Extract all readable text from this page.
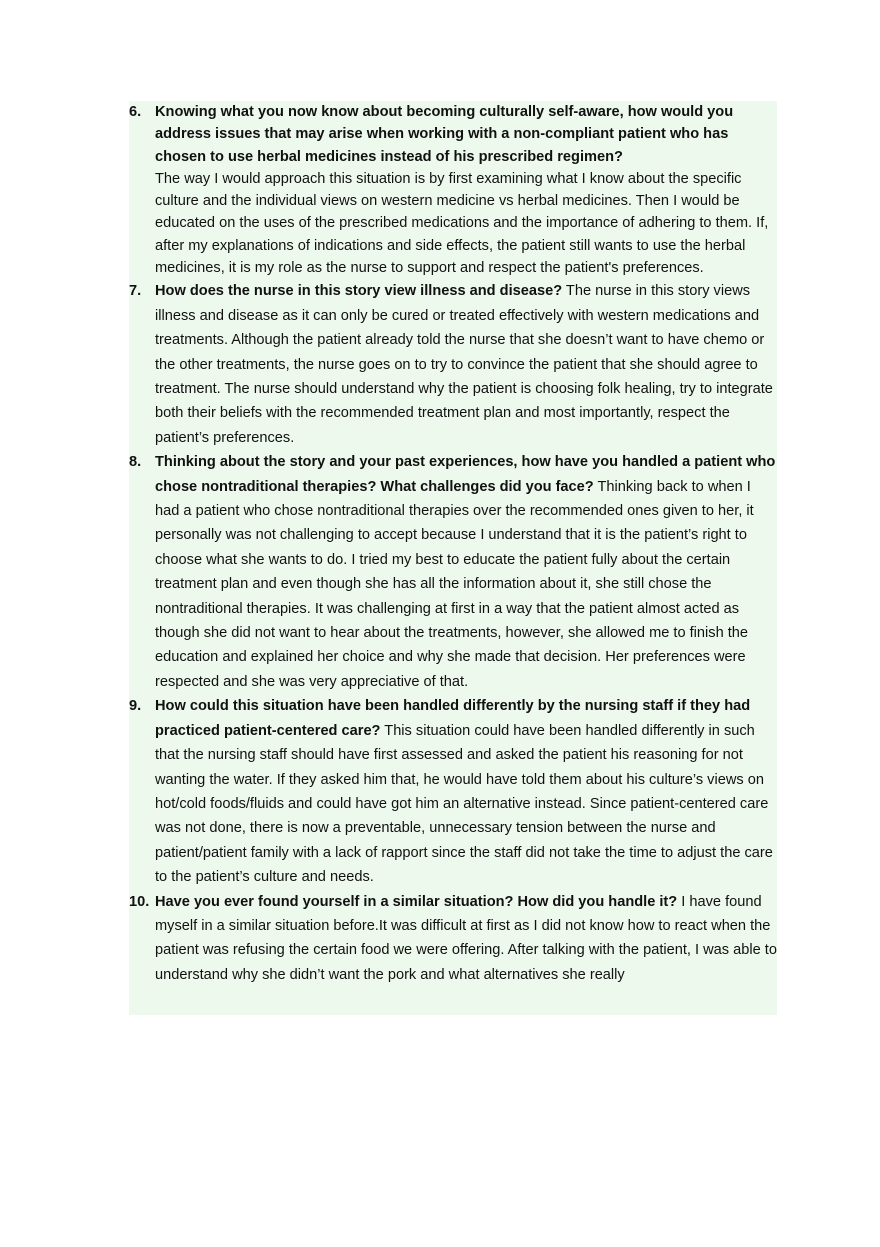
6. Knowing what you now know about becoming culturally self-aware, how would you address issues that may arise when working with a non-compliant patient who has chosen to use herbal medicines instead of his prescribed regimen?
The way I would approach this situation is by first examining what I know about the specific culture and the individual views on western medicine vs herbal medicines. Then I would be educated on the uses of the prescribed medications and the importance of adhering to them. If, after my explanations of indications and side effects, the patient still wants to use the herbal medicines, it is my role as the nurse to support and respect the patient's preferences.
7. How does the nurse in this story view illness and disease? The nurse in this story views illness and disease as it can only be cured or treated effectively with western medications and treatments. Although the patient already told the nurse that she doesn’t want to have chemo or the other treatments, the nurse goes on to try to convince the patient that she should agree to treatment. The nurse should understand why the patient is choosing folk healing, try to integrate both their beliefs with the recommended treatment plan and most importantly, respect the patient’s preferences.
8. Thinking about the story and your past experiences, how have you handled a patient who chose nontraditional therapies? What challenges did you face? Thinking back to when I had a patient who chose nontraditional therapies over the recommended ones given to her, it personally was not challenging to accept because I understand that it is the patient’s right to choose what she wants to do. I tried my best to educate the patient fully about the certain treatment plan and even though she has all the information about it, she still chose the nontraditional therapies. It was challenging at first in a way that the patient almost acted as though she did not want to hear about the treatments, however, she allowed me to finish the education and explained her choice and why she made that decision. Her preferences were respected and she was very appreciative of that.
9. How could this situation have been handled differently by the nursing staff if they had practiced patient-centered care? This situation could have been handled differently in such that the nursing staff should have first assessed and asked the patient his reasoning for not wanting the water. If they asked him that, he would have told them about his culture’s views on hot/cold foods/fluids and could have got him an alternative instead. Since patient-centered care was not done, there is now a preventable, unnecessary tension between the nurse and patient/patient family with a lack of rapport since the staff did not take the time to adjust the care to the patient’s culture and needs.
10. Have you ever found yourself in a similar situation? How did you handle it? I have found myself in a similar situation before.It was difficult at first as I did not know how to react when the patient was refusing the certain food we were offering. After talking with the patient, I was able to understand why she didn’t want the pork and what alternatives she really
